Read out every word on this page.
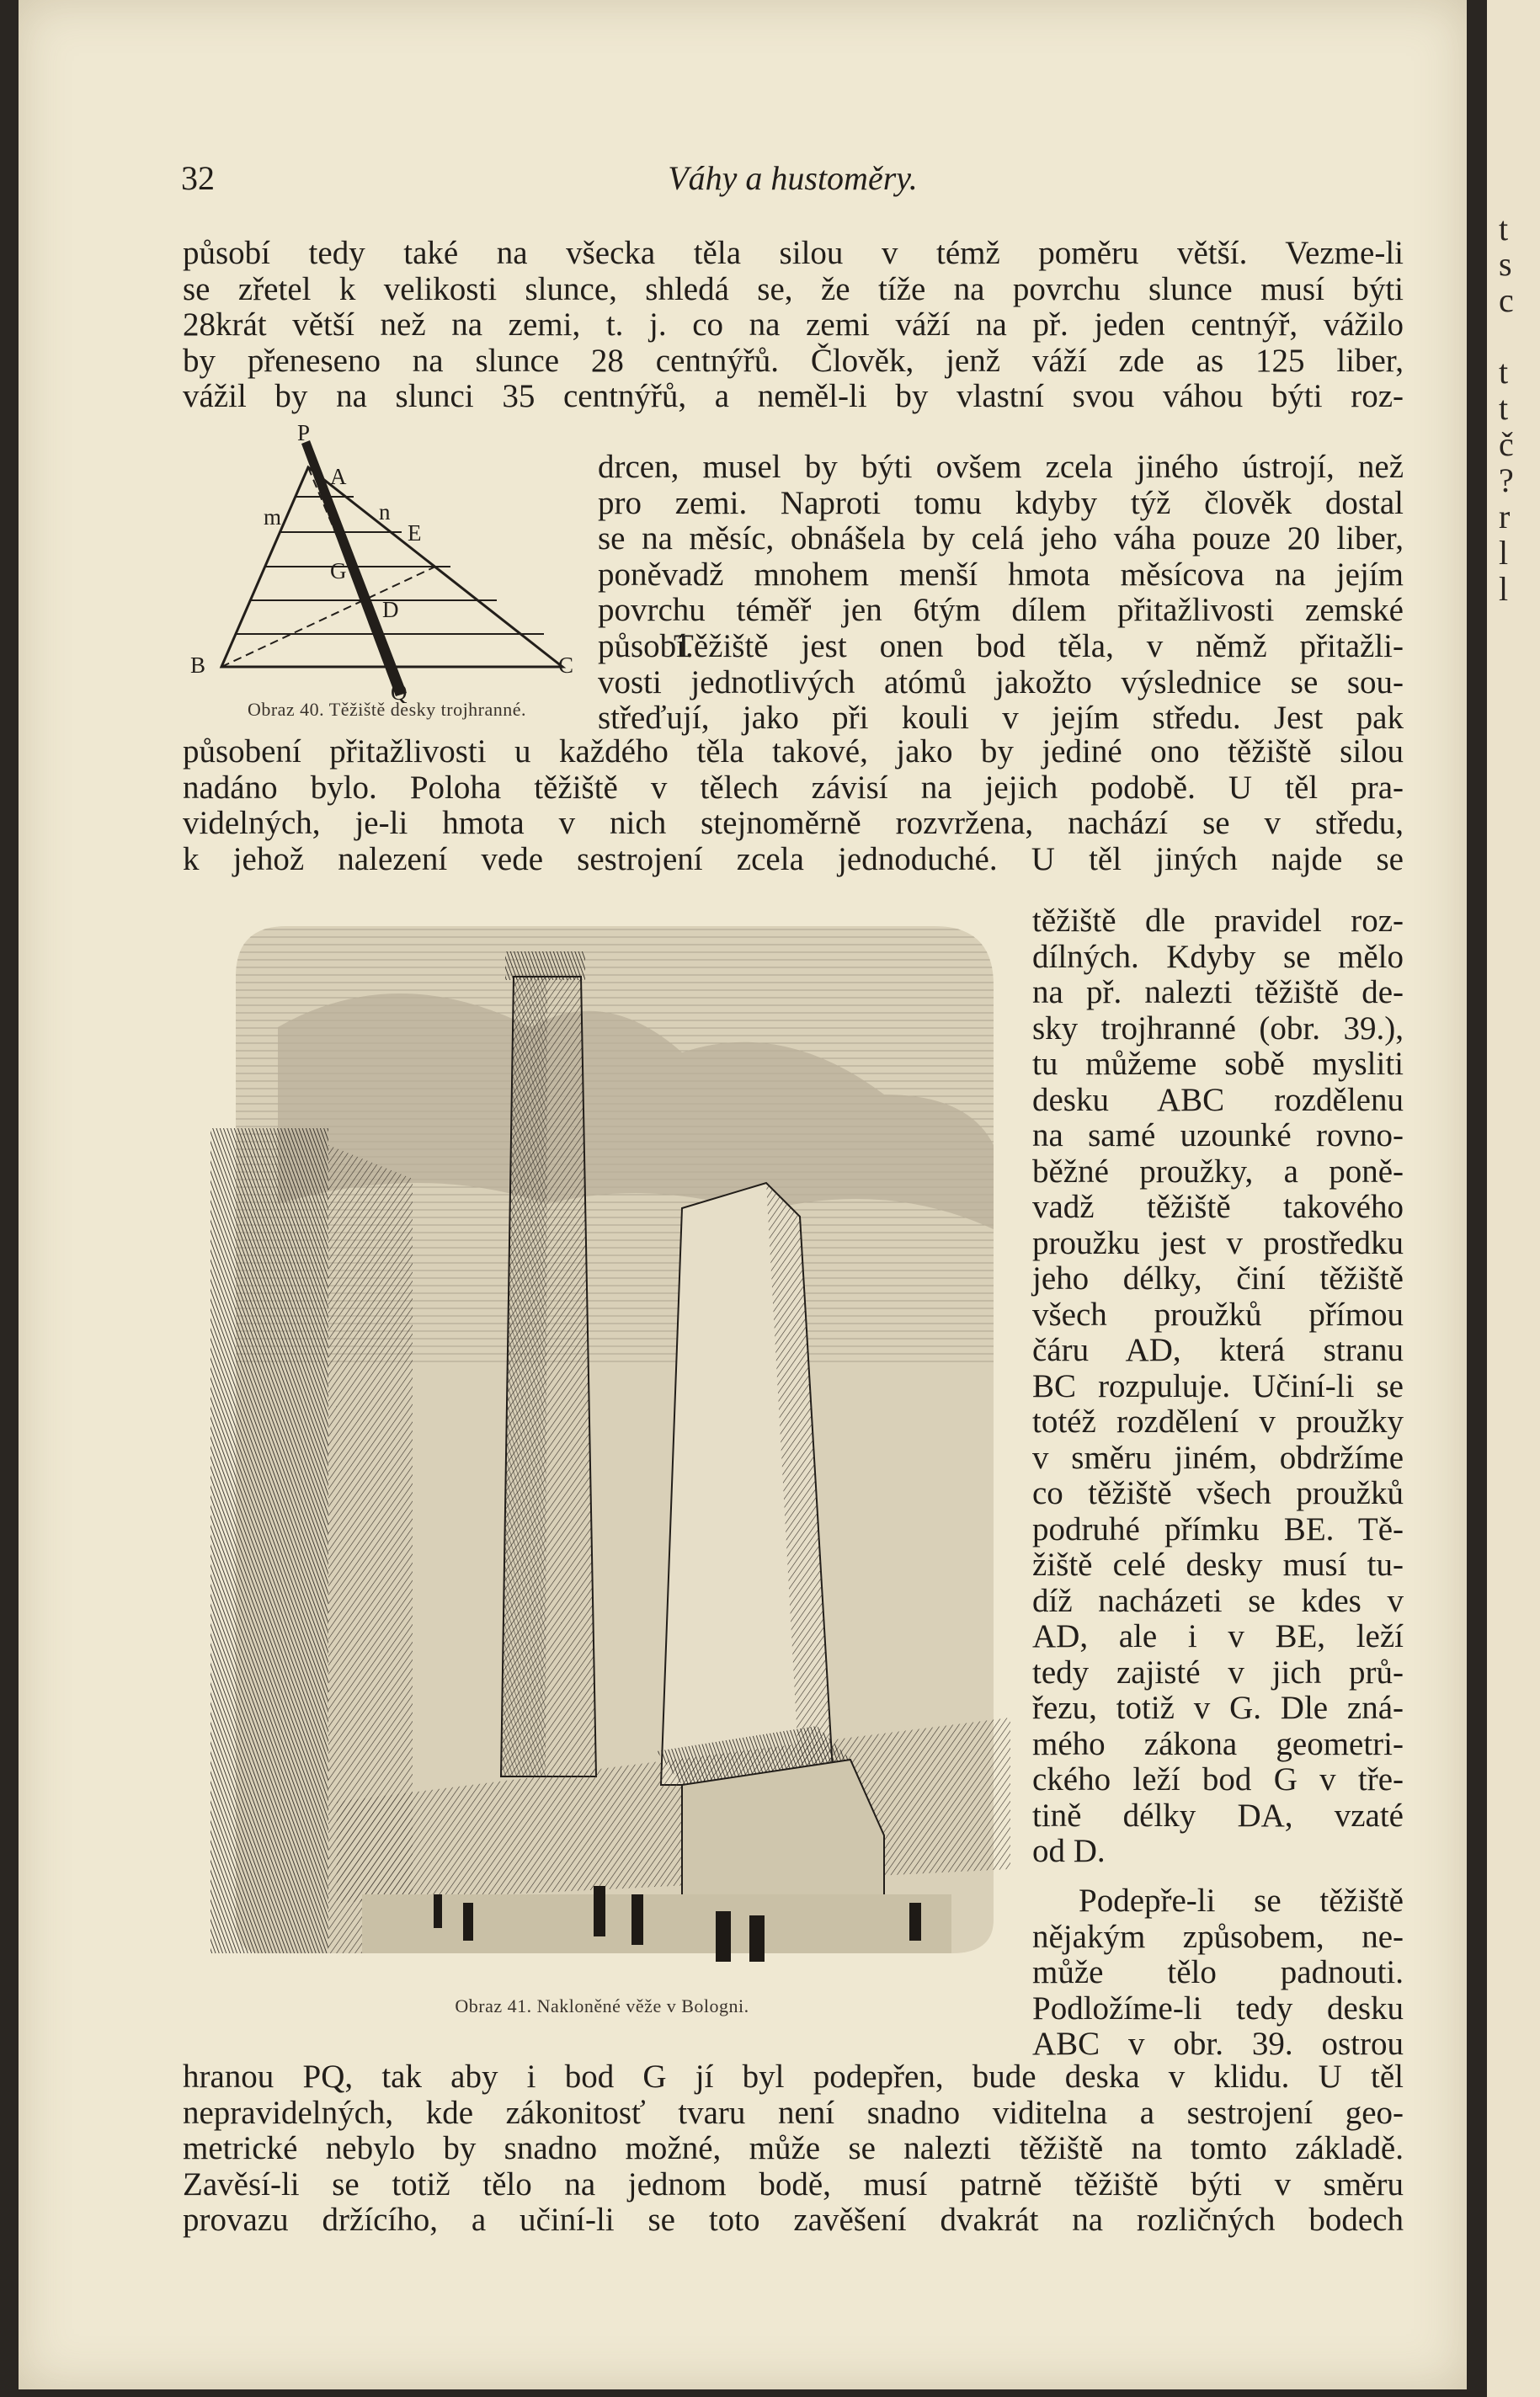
t
s
c
t
t
č
?
r
l
l
32	Váhy a hustoměry.
působí tedy také na všecka těla silou v témž poměru větší. Vezme-li
se zřetel k velikosti slunce, shledá se, že tíže na povrchu slunce musí býti
28krát větší než na zemi, t. j. co na zemi váží na př. jeden centnýř, vážilo
by přeneseno na slunce 28 centnýřů. Člověk, jenž váží zde as 125 liber,
vážil by na slunci 35 centnýřů, a neměl-li by vlastní svou váhou býti roz-
P
A
m	n
E
G
D
B	C
Q
Obraz 40. Těžiště desky trojhranné.
drcen, musel by býti ovšem zcela jiného ústrojí, než
pro zemi. Naproti tomu kdyby týž člověk dostal
se na měsíc, obnášela by celá jeho váha pouze 20 liber,
poněvadž mnohem menší hmota měsícova na jejím
povrchu téměř jen 6tým dílem přitažlivosti zemské
působí.
Těžiště jest onen bod těla, v němž přitažli-
vosti jednotlivých atómů jakožto výslednice se sou-
střeďují, jako při kouli v jejím středu. Jest pak
působení přitažlivosti u každého těla takové, jako by jediné ono těžiště silou
nadáno bylo. Poloha těžiště v tělech závisí na jejich podobě. U těl pra-
videlných, je-li hmota v nich stejnoměrně rozvržena, nachází se v středu,
k jehož nalezení vede sestrojení zcela jednoduché. U těl jiných najde se
Obraz 41. Nakloněné věže v Bologni.
těžiště dle pravidel roz-
dílných. Kdyby se mělo
na př. nalezti těžiště de-
sky trojhranné (obr. 39.),
tu můžeme sobě mysliti
desku ABC rozdělenu
na samé uzounké rovno-
běžné proužky, a poně-
vadž těžiště takového
proužku jest v prostředku
jeho délky, činí těžiště
všech proužků přímou
čáru AD, která stranu
BC rozpuluje. Učiní-li se
totéž rozdělení v proužky
v směru jiném, obdržíme
co těžiště všech proužků
podruhé přímku BE. Tě-
žiště celé desky musí tu-
díž nacházeti se kdes v
AD, ale i v BE, leží
tedy zajisté v jich prů-
řezu, totiž v G. Dle zná-
mého zákona geometri-
ckého leží bod G v tře-
tině délky DA, vzaté
od D.
Podepře-li se těžiště
nějakým způsobem, ne-
může tělo padnouti.
Podložíme-li tedy desku
ABC v obr. 39. ostrou
hranou PQ, tak aby i bod G jí byl podepřen, bude deska v klidu. U těl
nepravidelných, kde zákonitosť tvaru není snadno viditelna a sestrojení geo-
metrické nebylo by snadno možné, může se nalezti těžiště na tomto základě.
Zavěsí-li se totiž tělo na jednom bodě, musí patrně těžiště býti v směru
provazu držícího, a učiní-li se toto zavěšení dvakrát na rozličných bodech
